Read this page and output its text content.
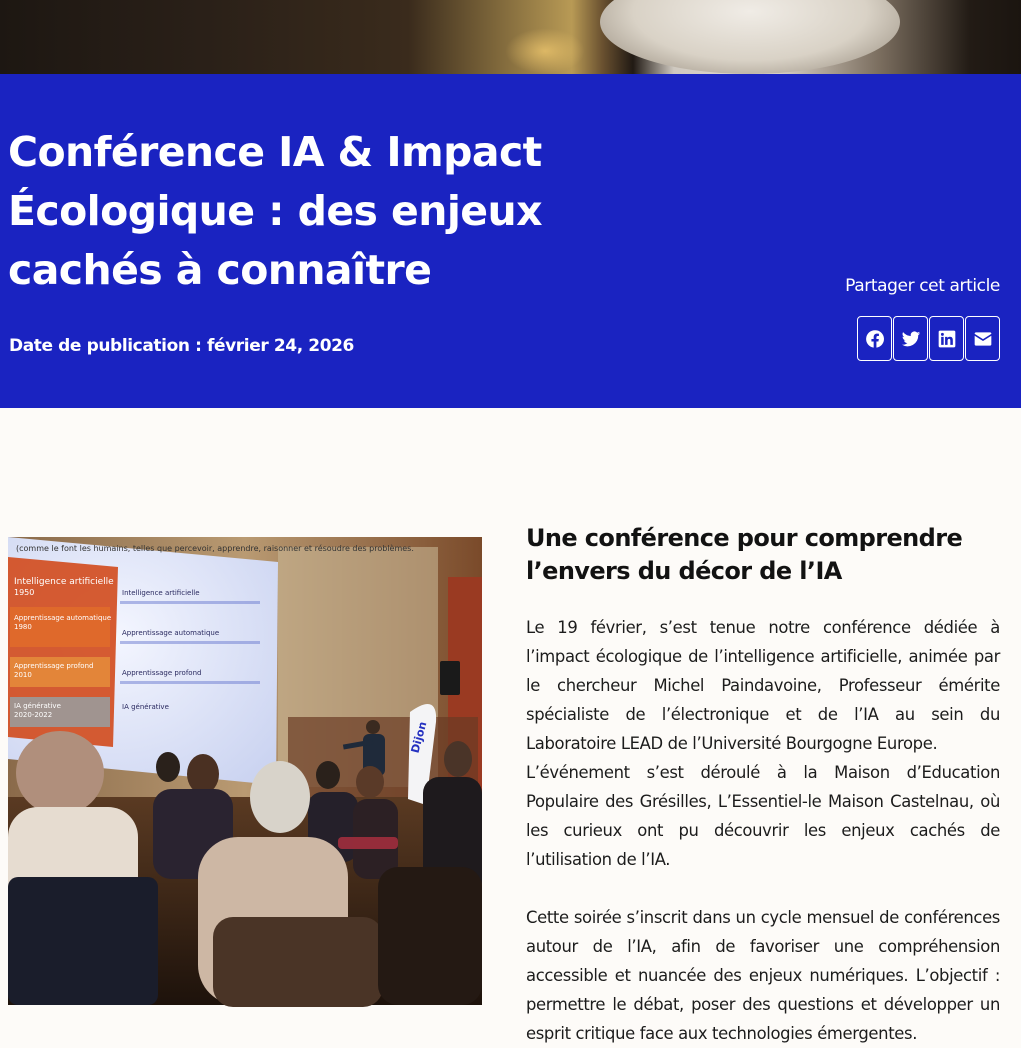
Conférence IA & Impact Écologique : des enjeux cachés à connaître
Date de publication : février 24, 2026
Partager cet article
(comme le font les humains, telles que percevoir, apprendre, raisonner et résoudre des problèmes.
Intelligence artificielle
1950
Apprentissage automatique
1980
Apprentissage profond
2010
IA générative
2020-2022
Intelligence artificielle
Apprentissage automatique
Apprentissage profond
IA générative
Dijon
Une conférence pour comprendre l’envers du décor de l’IA

Le 19 février, s’est tenue notre conférence dédiée à l’impact écologique de l’intelligence artificielle, animée par le chercheur Michel Paindavoine, Professeur émérite spécialiste de l’électronique et de l’IA au sein du Laboratoire LEAD de l’Université Bourgogne Europe.

L’événement s’est déroulé à la Maison d’Education Populaire des Grésilles, L’Essentiel-le Maison Castelnau, où les curieux ont pu découvrir les enjeux cachés de l’utilisation de l’IA.

Cette soirée s’inscrit dans un cycle mensuel de conférences autour de l’IA, afin de favoriser une compréhension accessible et nuancée des enjeux numériques. L’objectif : permettre le débat, poser des questions et développer un esprit critique face aux technologies émergentes.
